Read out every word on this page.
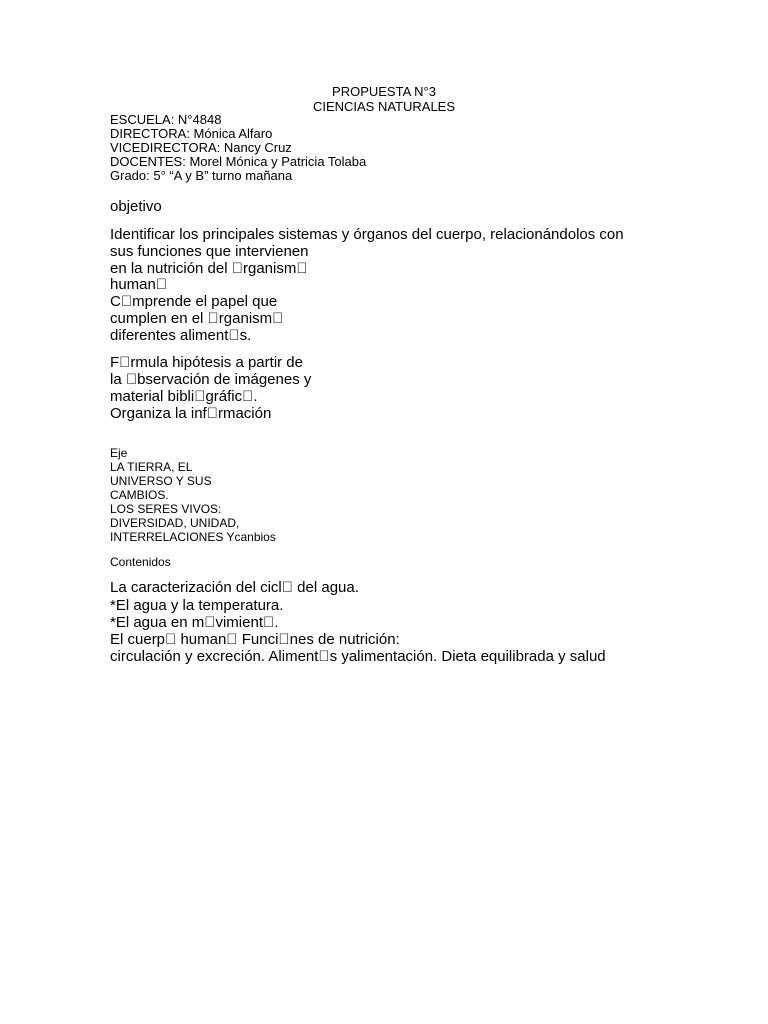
PROPUESTA N°3
CIENCIAS NATURALES
ESCUELA: N°4848
DIRECTORA: Mónica Alfaro
VICEDIRECTORA: Nancy Cruz
DOCENTES: Morel Mónica y Patricia Tolaba
Grado: 5° “A y B” turno mañana
objetivo
Identificar los principales sistemas y órganos del cuerpo, relacionándolos con
sus funciones que intervienen
en la nutrición del  rganism
human
C mprende el papel que
cumplen en el  rganism
diferentes aliment s.
F rmula hipótesis a partir de
la  bservación de imágenes y
material bibli gráfic .
Organiza la inf rmación
Eje
LA TIERRA, EL
UNIVERSO Y SUS
CAMBIOS.
LOS SERES VIVOS:
DIVERSIDAD, UNIDAD,
INTERRELACIONES Ycanbios
Contenidos
La caracterización del cicl  del agua.
*El agua y la temperatura.
*El agua en m vimient .
El cuerp  human  Funci nes de nutrición:
circulación y excreción. Aliment s yalimentación. Dieta equilibrada y salud
